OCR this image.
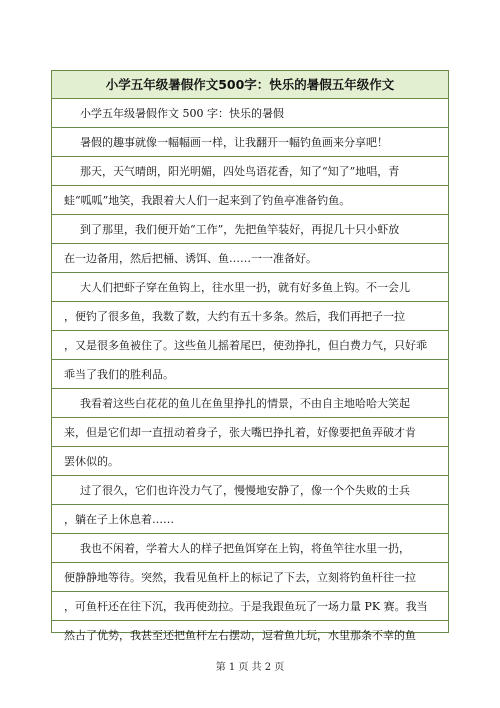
小学五年级暑假作文500字：快乐的暑假五年级作文
小学五年级暑假作文 500 字：快乐的暑假
暑假的趣事就像一幅幅画一样，让我翻开一幅钓鱼画来分享吧！
那天，天气晴朗，阳光明媚，四处鸟语花香，知了“知了”地唱，青
蛙“呱呱”地笑，我跟着大人们一起来到了钓鱼亭准备钓鱼。
到了那里，我们便开始“工作”，先把鱼竿装好，再捉几十只小虾放
在一边备用，然后把桶、诱饵、鱼……一一准备好。
大人们把虾子穿在鱼钩上，往水里一扔，就有好多鱼上钩。不一会儿
，便钓了很多鱼，我数了数，大约有五十多条。然后，我们再把子一拉
，又是很多鱼被住了。这些鱼儿摇着尾巴，使劲挣扎，但白费力气，只好乖
乖当了我们的胜利品。
我看着这些白花花的鱼儿在鱼里挣扎的情景，不由自主地哈哈大笑起
来，但是它们却一直扭动着身子，张大嘴巴挣扎着，好像要把鱼弄破才肯
罢休似的。
过了很久，它们也许没力气了，慢慢地安静了，像一个个失败的士兵
，躺在子上休息着……
我也不闲着，学着大人的样子把鱼饵穿在上钩，将鱼竿往水里一扔，
便静静地等待。突然，我看见鱼杆上的标记了下去，立刻将钓鱼杆往一拉
，可鱼杆还在往下沉，我再使劲拉。于是我跟鱼玩了一场力量 PK 赛。我当
然占了优势，我甚至还把鱼杆左右摆动，逗着鱼儿玩，水里那条不幸的鱼
第 1 页 共 2 页
